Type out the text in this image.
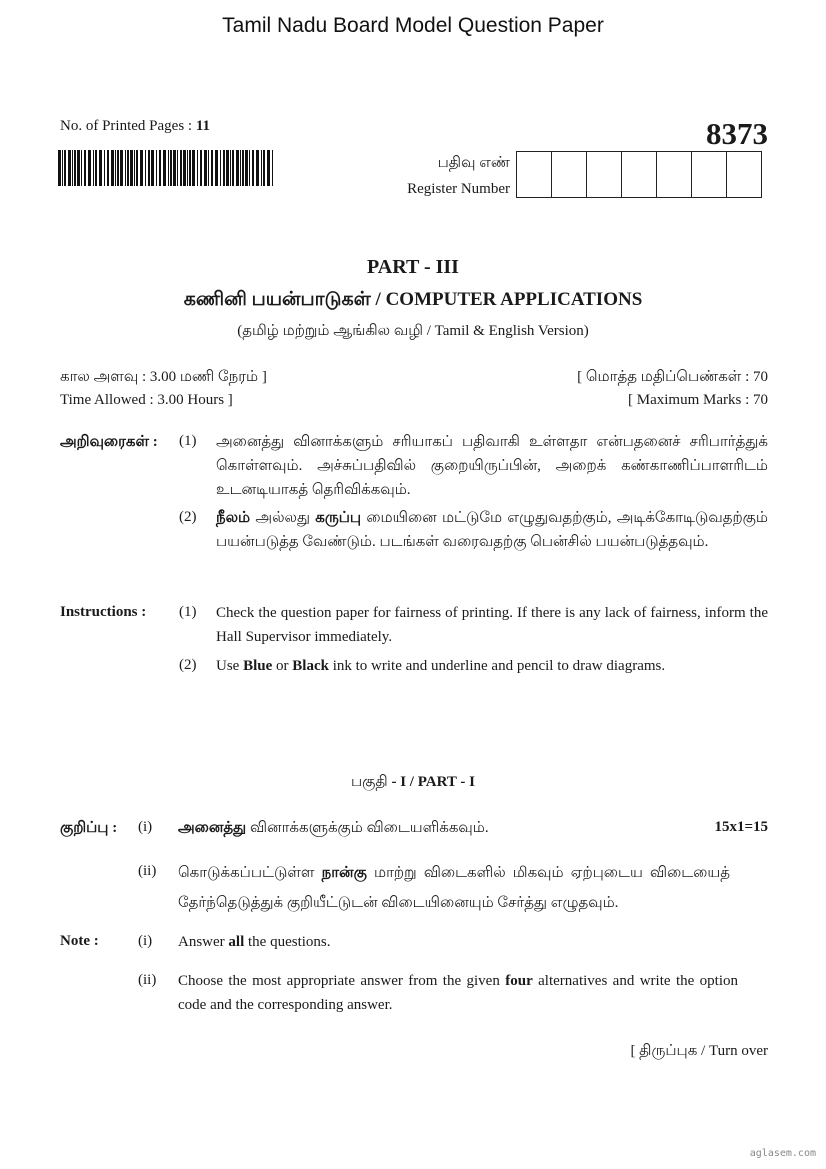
Tamil Nadu Board Model Question Paper
No. of Printed Pages : 11	8373
பதிவு எண்
Register Number

PART - III
கணினி பயன்பாடுகள் / COMPUTER APPLICATIONS
(தமிழ் மற்றும் ஆங்கில வழி / Tamil & English Version)
கால அளவு : 3.00 மணி நேரம் ]	[ மொத்த மதிப்பெண்கள் : 70
Time Allowed : 3.00 Hours ]	[ Maximum Marks : 70
அறிவுரைகள் : (1) அனைத்து வினாக்களும் சரியாகப் பதிவாகி உள்ளதா என்பதனைச் சரிபார்த்துக் கொள்ளவும். அச்சுப்பதிவில் குறையிருப்பின், அறைக் கண்காணிப்பாளரிடம் உடனடியாகத் தெரிவிக்கவும்.
(2) நீலம் அல்லது கருப்பு மையினை மட்டுமே எழுதுவதற்கும், அடிக்கோடிடுவதற்கும் பயன்படுத்த வேண்டும். படங்கள் வரைவதற்கு பென்சில் பயன்படுத்தவும்.
Instructions : (1) Check the question paper for fairness of printing. If there is any lack of fairness, inform the Hall Supervisor immediately.
(2) Use Blue or Black ink to write and underline and pencil to draw diagrams.
பகுதி - I / PART - I
குறிப்பு : (i) அனைத்து வினாக்களுக்கும் விடையளிக்கவும்.	15x1=15
(ii) கொடுக்கப்பட்டுள்ள நான்கு மாற்று விடைகளில் மிகவும் ஏற்புடைய விடையைத் தேர்ந்தெடுத்துக் குறியீட்டுடன் விடையினையும் சேர்த்து எழுதவும்.
Note :	(i) Answer all the questions.
(ii) Choose the most appropriate answer from the given four alternatives and write the option code and the corresponding answer.
[ திருப்புக / Turn over
aglasem.com
